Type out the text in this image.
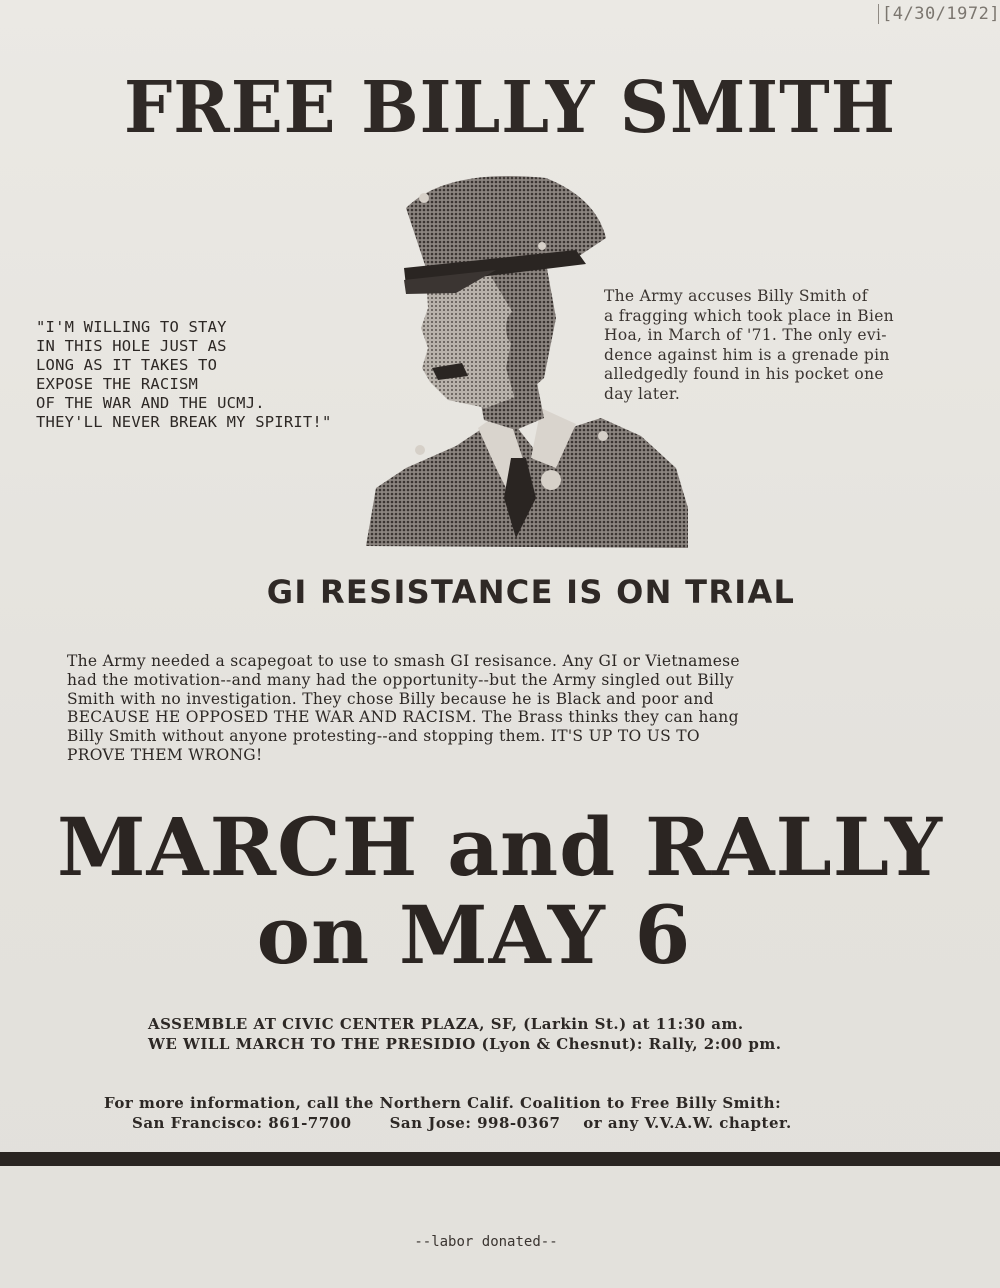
[4/30/1972]
FREE BILLY SMITH
"I'M WILLING TO STAY
IN THIS HOLE JUST AS
LONG AS IT TAKES TO
EXPOSE THE RACISM
OF THE WAR AND THE UCMJ.
THEY'LL NEVER BREAK MY SPIRIT!"
The Army accuses Billy Smith of
a fragging which took place in Bien
Hoa, in March of '71. The only evi-
dence against him is a grenade pin
alledgedly found in his pocket one
day later.
GI RESISTANCE IS ON TRIAL
The Army needed a scapegoat to use to smash GI resisance. Any GI or Vietnamese
had the motivation--and many had the opportunity--but the Army singled out Billy
Smith with no investigation. They chose Billy because he is Black and poor and
BECAUSE HE OPPOSED THE WAR AND RACISM. The Brass thinks they can hang
Billy Smith without anyone protesting--and stopping them. IT'S UP TO US TO
PROVE THEM WRONG!
MARCH and RALLY
on MAY 6
ASSEMBLE AT CIVIC CENTER PLAZA, SF, (Larkin St.) at 11:30 am.
WE WILL MARCH TO THE PRESIDIO (Lyon & Chesnut): Rally, 2:00 pm.
For more information, call the Northern Calif. Coalition to Free Billy Smith:
San Francisco: 861-7700	San Jose: 998-0367 or any V.V.A.W. chapter.
--labor donated--
